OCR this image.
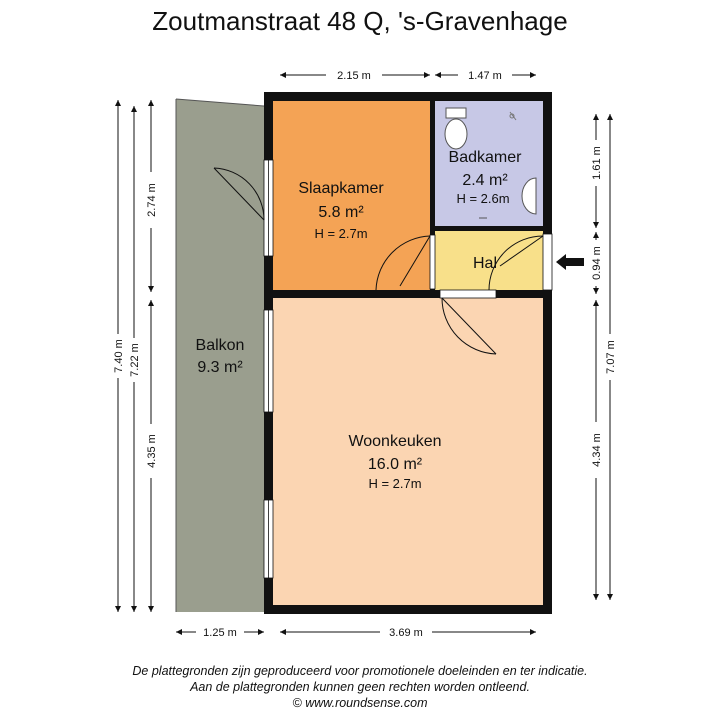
Zoutmanstraat 48 Q, 's-Gravenhage
Balkon
9.3 m²
Slaapkamer
5.8 m²
H = 2.7m
Badkamer
2.4 m²
H = 2.6m
Hal
Woonkeuken
16.0 m²
H = 2.7m
2.15 m	1.47 m
1.25 m	3.69 m
7.40 m 7.22 m
2.74 m
4.35 m
1.61 m
0.94 m
7.07 m
4.34 m
De plattegronden zijn geproduceerd voor promotionele doeleinden en ter indicatie.
Aan de plattegronden kunnen geen rechten worden ontleend.
© www.roundsense.com
